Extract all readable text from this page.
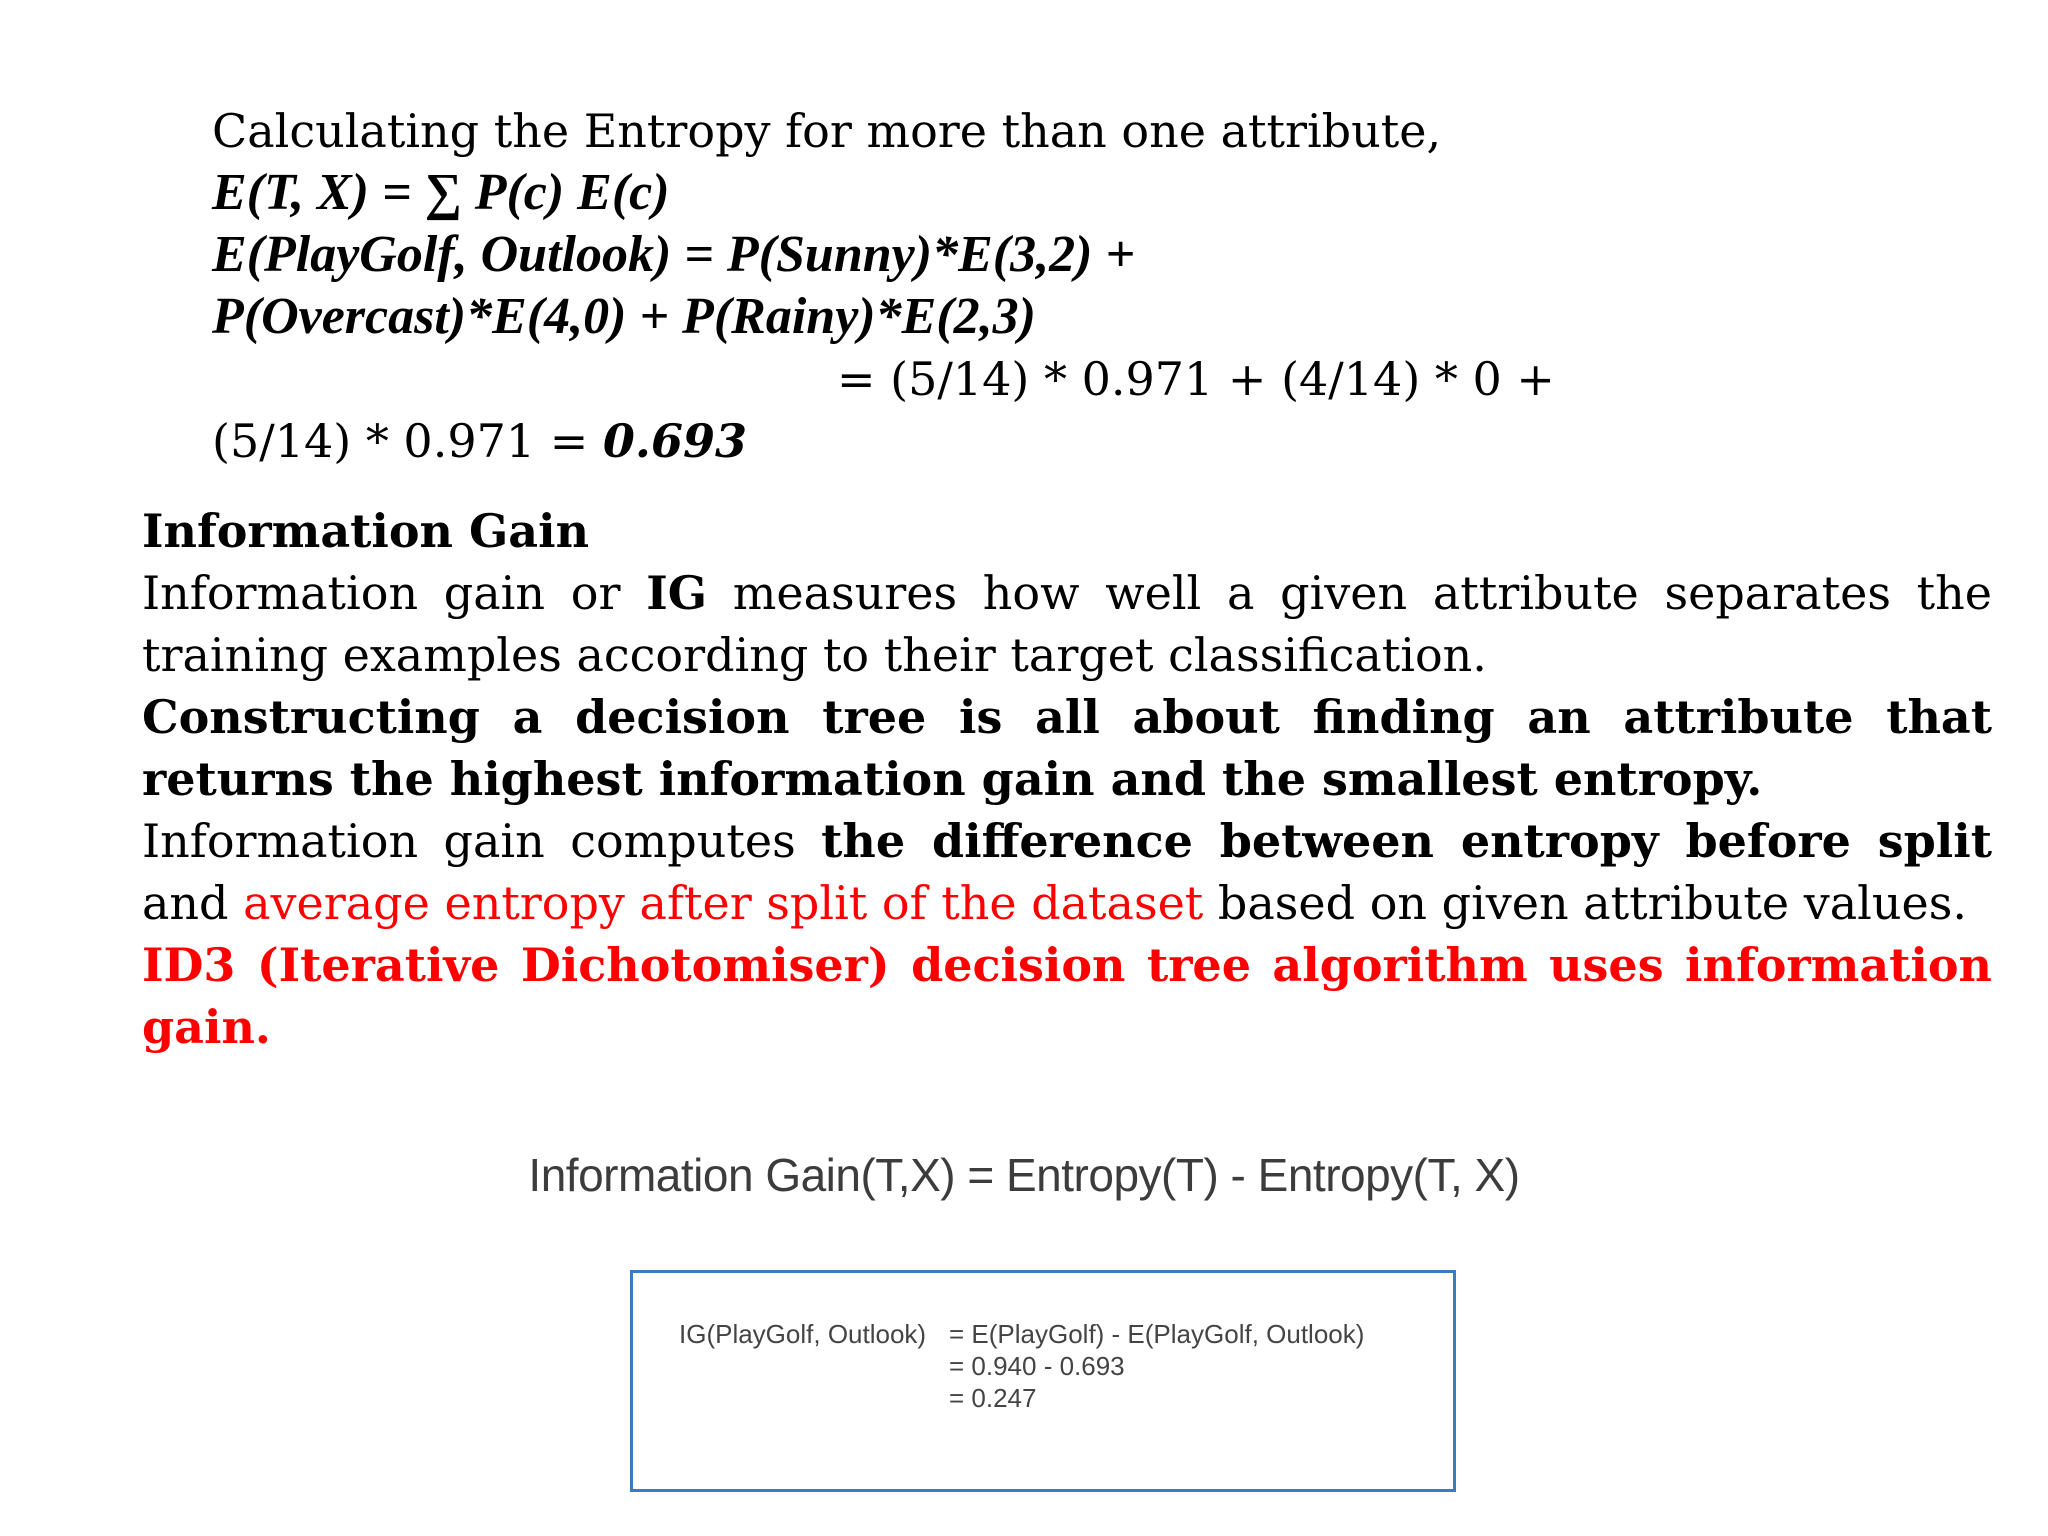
Calculating the Entropy for more than one attribute,
E(T, X) = ∑ P(c) E(c)
E(PlayGolf, Outlook) = P(Sunny)*E(3,2) +
P(Overcast)*E(4,0) + P(Rainy)*E(2,3)
= (5/14) * 0.971 + (4/14) * 0 +
(5/14) * 0.971 = 0.693
Information Gain
Information gain or IG measures how well a given attribute separates the training examples according to their target classification.
Constructing a decision tree is all about finding an attribute that returns the highest information gain and the smallest entropy.
Information gain computes the difference between entropy before split and average entropy after split of the dataset based on given attribute values.
ID3 (Iterative Dichotomiser) decision tree algorithm uses information gain.
Information Gain(T,X) = Entropy(T) - Entropy(T, X)
IG(PlayGolf, Outlook) = E(PlayGolf) - E(PlayGolf, Outlook)
= 0.940 - 0.693
= 0.247
